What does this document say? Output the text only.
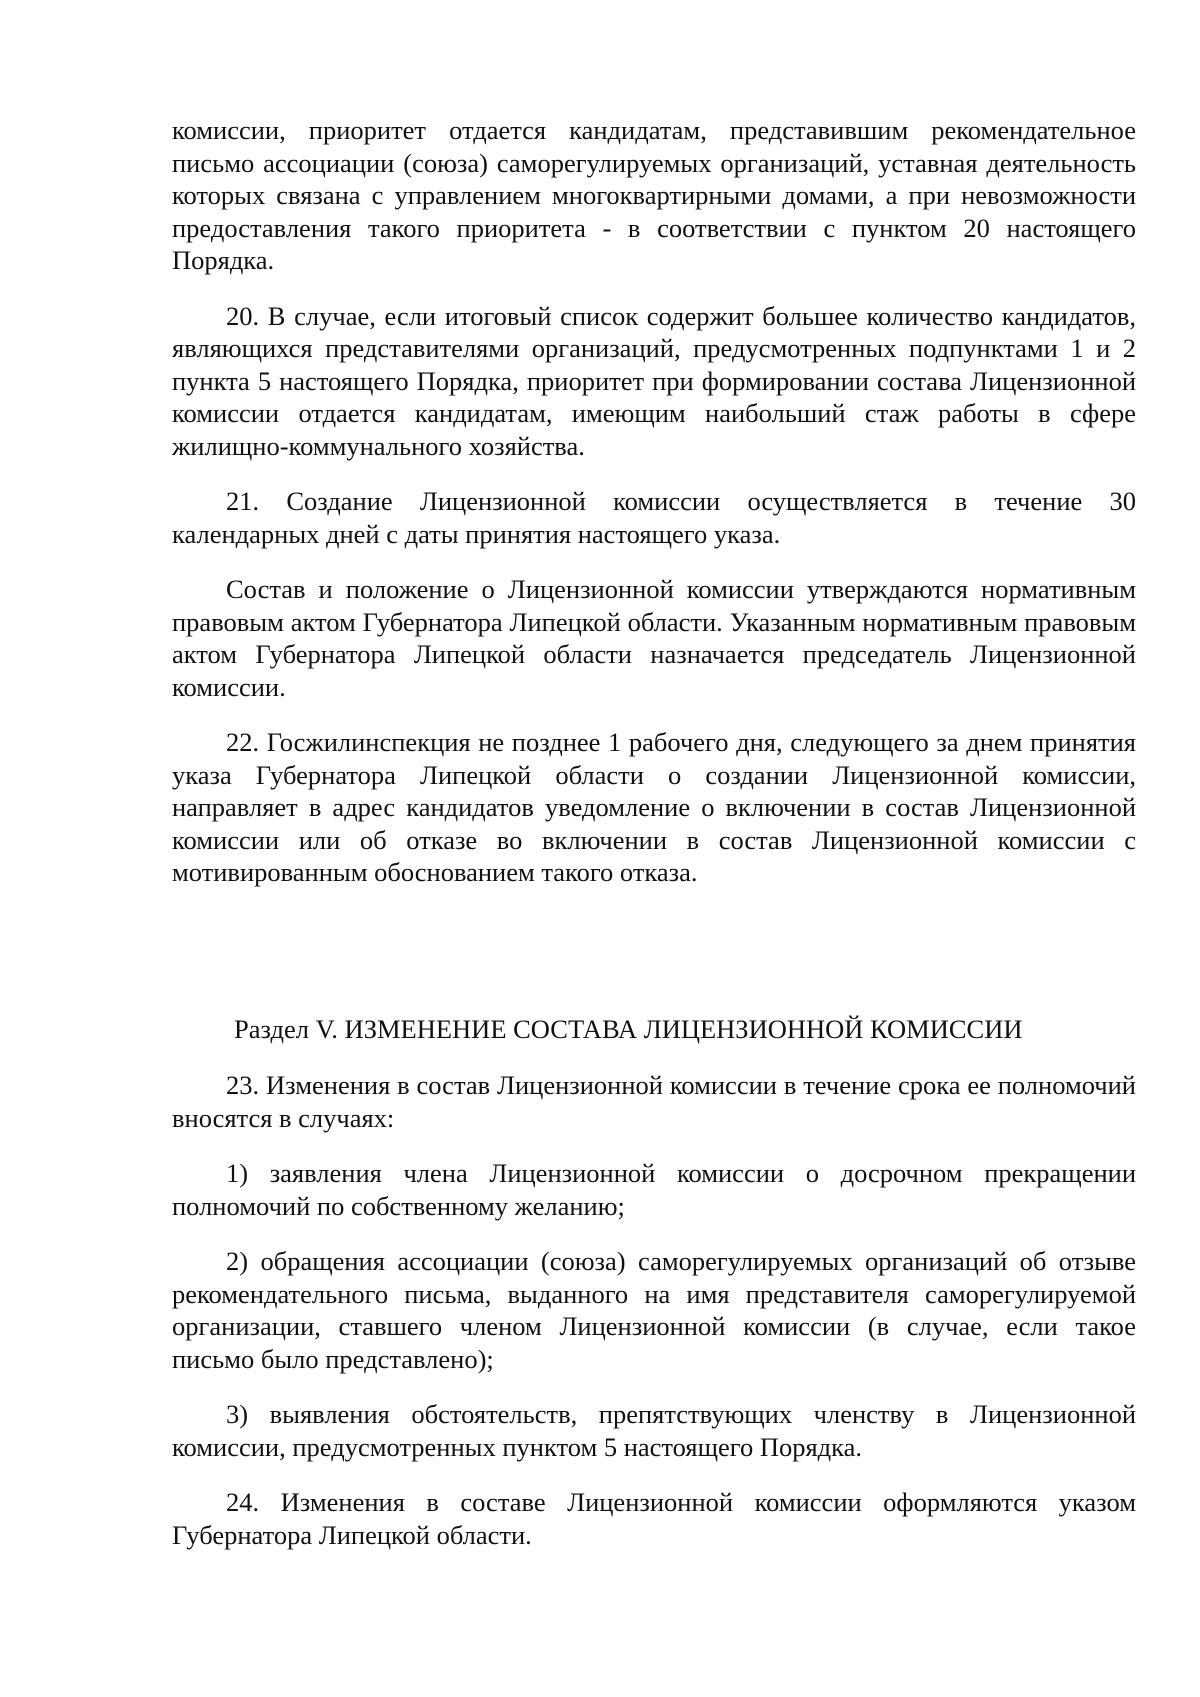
комиссии, приоритет отдается кандидатам, представившим рекомендательное письмо ассоциации (союза) саморегулируемых организаций, уставная деятельность которых связана с управлением многоквартирными домами, а при невозможности предоставления такого приоритета - в соответствии с пунктом 20 настоящего Порядка.

20. В случае, если итоговый список содержит большее количество кандидатов, являющихся представителями организаций, предусмотренных подпунктами 1 и 2 пункта 5 настоящего Порядка, приоритет при формировании состава Лицензионной комиссии отдается кандидатам, имеющим наибольший стаж работы в сфере жилищно-коммунального хозяйства.

21. Создание Лицензионной комиссии осуществляется в течение 30 календарных дней с даты принятия настоящего указа.

Состав и положение о Лицензионной комиссии утверждаются нормативным правовым актом Губернатора Липецкой области. Указанным нормативным правовым актом Губернатора Липецкой области назначается председатель Лицензионной комиссии.

22. Госжилинспекция не позднее 1 рабочего дня, следующего за днем принятия указа Губернатора Липецкой области о создании Лицензионной комиссии, направляет в адрес кандидатов уведомление о включении в состав Лицензионной комиссии или об отказе во включении в состав Лицензионной комиссии с мотивированным обоснованием такого отказа.

Раздел V. ИЗМЕНЕНИЕ СОСТАВА ЛИЦЕНЗИОННОЙ КОМИССИИ

23. Изменения в состав Лицензионной комиссии в течение срока ее полномочий вносятся в случаях:

1) заявления члена Лицензионной комиссии о досрочном прекращении полномочий по собственному желанию;

2) обращения ассоциации (союза) саморегулируемых организаций об отзыве рекомендательного письма, выданного на имя представителя саморегулируемой организации, ставшего членом Лицензионной комиссии (в случае, если такое письмо было представлено);

3) выявления обстоятельств, препятствующих членству в Лицензионной комиссии, предусмотренных пунктом 5 настоящего Порядка.

24. Изменения в составе Лицензионной комиссии оформляются указом Губернатора Липецкой области.
